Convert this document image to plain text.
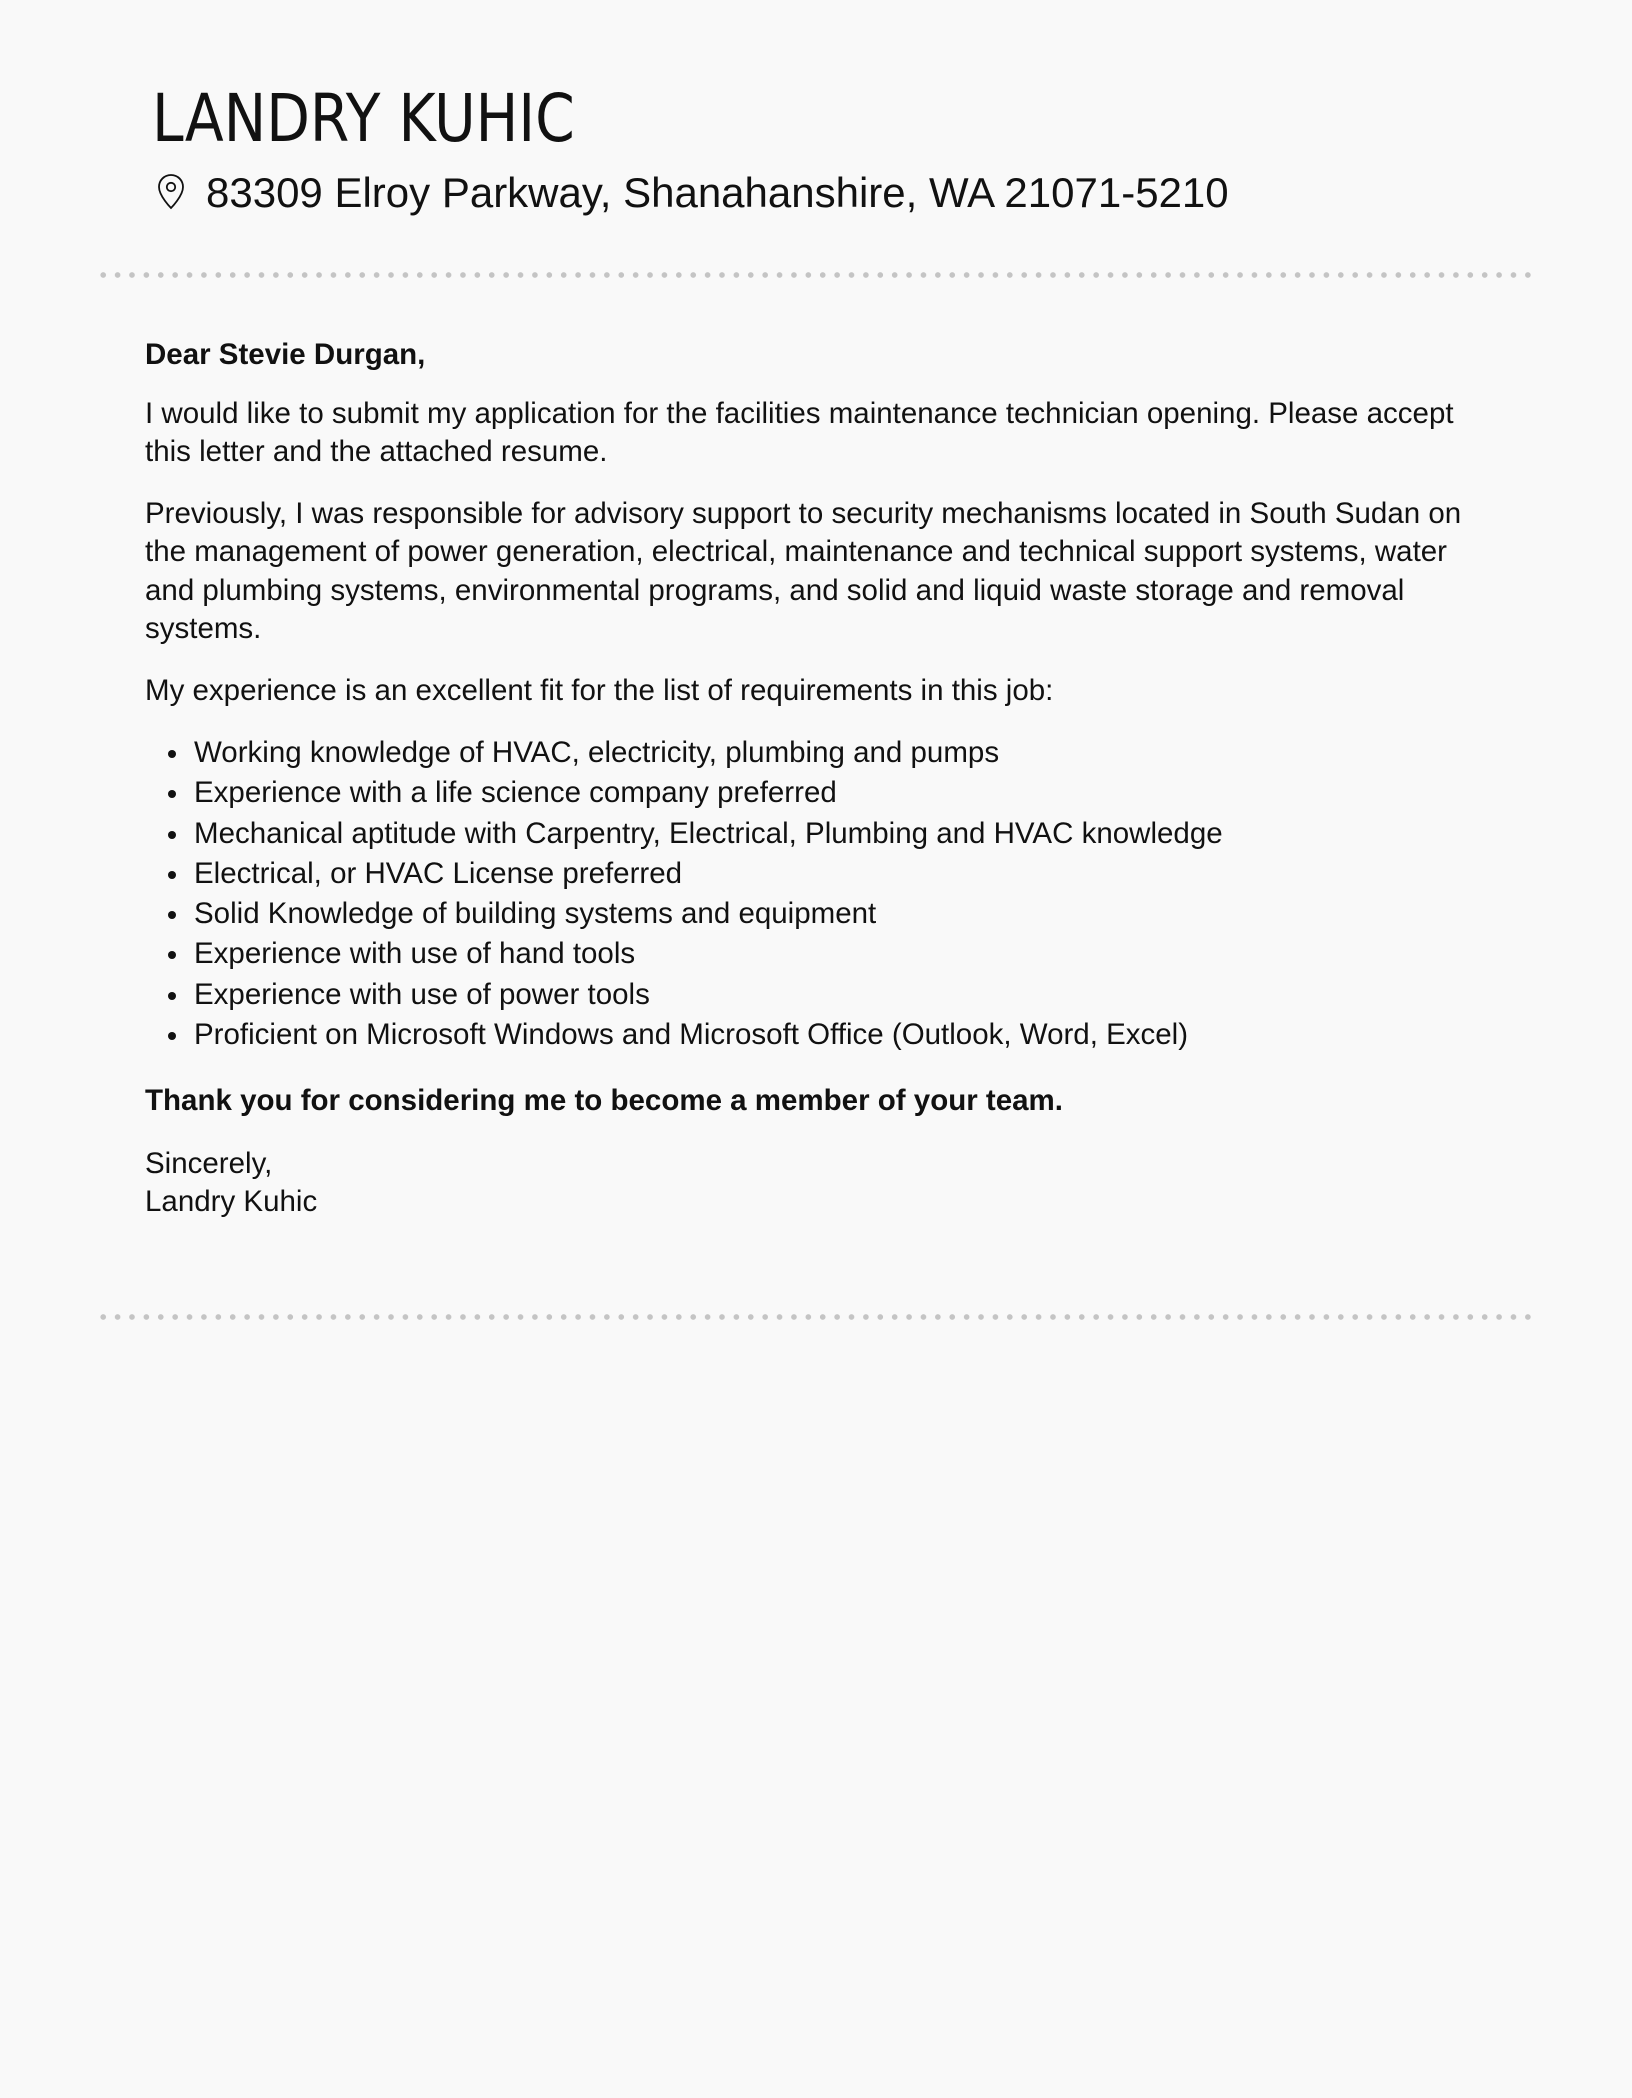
LANDRY KUHIC
83309 Elroy Parkway, Shanahanshire, WA 21071-5210

Dear Stevie Durgan,

I would like to submit my application for the facilities maintenance technician opening. Please accept this letter and the attached resume.

Previously, I was responsible for advisory support to security mechanisms located in South Sudan on the management of power generation, electrical, maintenance and technical support systems, water and plumbing systems, environmental programs, and solid and liquid waste storage and removal systems.

My experience is an excellent fit for the list of requirements in this job:

Working knowledge of HVAC, electricity, plumbing and pumps
Experience with a life science company preferred
Mechanical aptitude with Carpentry, Electrical, Plumbing and HVAC knowledge
Electrical, or HVAC License preferred
Solid Knowledge of building systems and equipment
Experience with use of hand tools
Experience with use of power tools
Proficient on Microsoft Windows and Microsoft Office (Outlook, Word, Excel)

Thank you for considering me to become a member of your team.

Sincerely,

Landry Kuhic
